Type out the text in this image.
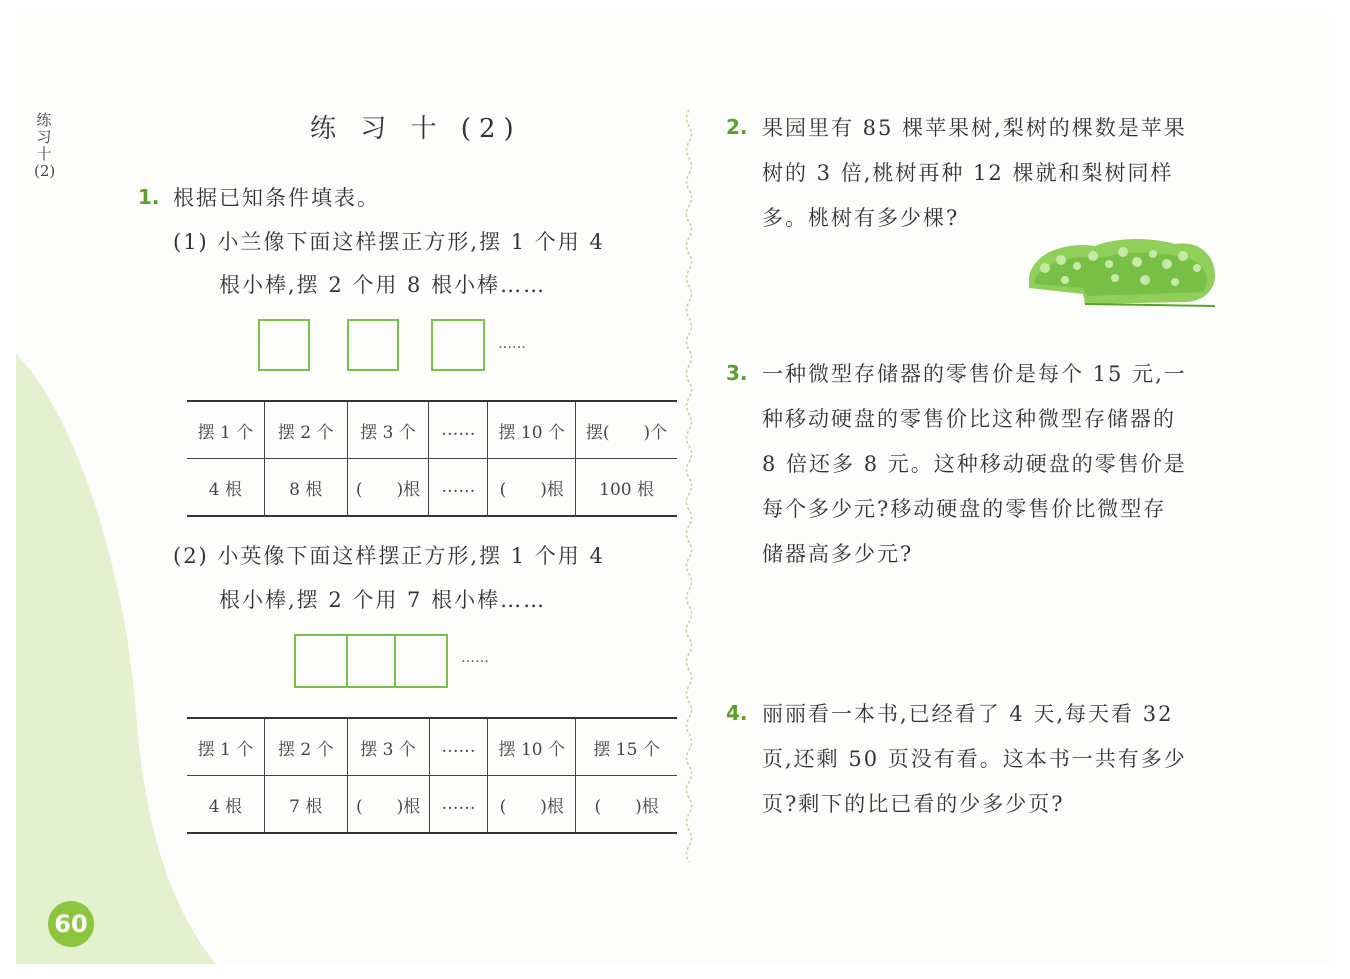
练习十(2)
60
练 习 十 (2)
1. 根据已知条件填表。
(1) 小兰像下面这样摆正方形,摆 1 个用 4
根小棒,摆 2 个用 8 根小棒……
……
摆 1 个	摆 2 个	摆 3 个	……	摆 10 个	摆(　　)个
4 根	8 根	(　　)根	……	(　　)根	100 根
(2) 小英像下面这样摆正方形,摆 1 个用 4
根小棒,摆 2 个用 7 根小棒……
……
摆 1 个	摆 2 个	摆 3 个	……	摆 10 个	摆 15 个
4 根	7 根	(　　)根	……	(　　)根	(　　)根
2. 果园里有 85 棵苹果树,梨树的棵数是苹果
树的 3 倍,桃树再种 12 棵就和梨树同样
多。桃树有多少棵?
3. 一种微型存储器的零售价是每个 15 元,一
种移动硬盘的零售价比这种微型存储器的
8 倍还多 8 元。这种移动硬盘的零售价是
每个多少元?移动硬盘的零售价比微型存
储器高多少元?
4. 丽丽看一本书,已经看了 4 天,每天看 32
页,还剩 50 页没有看。这本书一共有多少
页?剩下的比已看的少多少页?
